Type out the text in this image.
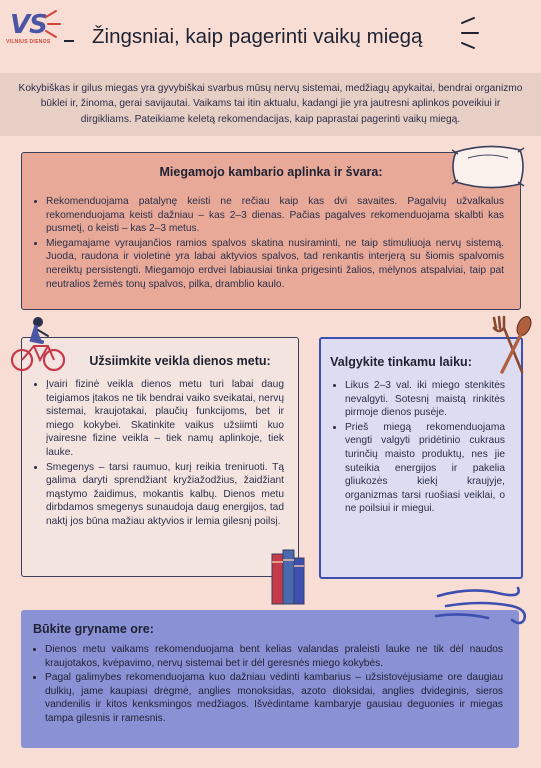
VS
VILNIUS DIENOS Žingsniai, kaip pagerinti vaikų miegą

Kokybiškas ir gilus miegas yra gyvybiškai svarbus mūsų nervų sistemai, medžiagų apykaitai, bendrai organizmo būklei ir, žinoma, gerai savijautai. Vaikams tai itin aktualu, kadangi jie yra jautresni aplinkos poveikiui ir dirgikliams. Pateikiame keletą rekomendacijas, kaip paprastai pagerinti vaikų miegą.

Miegamojo kambario aplinka ir švara:
• Rekomenduojama patalynę keisti ne rečiau kaip kas dvi savaites. Pagalvių užvalkalus rekomenduojama keisti dažniau – kas 2–3 dienas. Pačias pagalves rekomenduojama skalbti kas pusmetį, o keisti – kas 2–3 metus.
• Miegamajame vyraujančios ramios spalvos skatina nusiraminti, ne taip stimuliuoja nervų sistemą. Juoda, raudona ir violetinė yra labai aktyvios spalvos, tad renkantis interjerą su šiomis spalvomis nereiktų persistengti. Miegamojo erdvei labiausiai tinka prigesinti žalios, mėlynos atspalviai, taip pat neutralios žemės tonų spalvos, pilka, dramblio kaulo.
Užsiimkite veikla dienos metu:
• Įvairi fizinė veikla dienos metu turi labai daug teigiamos įtakos ne tik bendrai vaiko sveikatai, nervų sistemai, kraujotakai, plaučių funkcijoms, bet ir miego kokybei. Skatinkite vaikus užsiimti kuo įvairesne fizine veikla – tiek namų aplinkoje, tiek lauke.
• Smegenys – tarsi raumuo, kurį reikia treniruoti. Tą galima daryti sprendžiant kryžiažodžius, žaidžiant mąstymo žaidimus, mokantis kalbų. Dienos metu dirbdamos smegenys sunaudoja daug energijos, tad naktį jos būna mažiau aktyvios ir lemia gilesnį poilsį.
Valgykite tinkamu laiku:
• Likus 2–3 val. iki miego stenkitės nevalgyti. Sotesnį maistą rinkitės pirmoje dienos pusėje.
• Prieš miegą rekomenduojama vengti valgyti pridėtinio cukraus turinčių maisto produktų, nes jie suteikia energijos ir pakelia gliukozės kiekį kraujyje, organizmas tarsi ruošiasi veiklai, o ne poilsiui ir miegui.
Būkite gryname ore:
• Dienos metu vaikams rekomenduojama bent kelias valandas praleisti lauke ne tik dėl naudos kraujotakos, kvėpavimo, nervų sistemai bet ir dėl geresnės miego kokybės.
• Pagal galimybes rekomenduojama kuo dažniau vėdinti kambarius – užsistovėjusiame ore daugiau dulkių, jame kaupiasi drėgmė, anglies monoksidas, azoto dioksidai, anglies dvideginis, sieros vandenilis ir kitos kenksmingos medžiagos. Išvėdintame kambaryje gausiau deguonies ir miegas tampa gilesnis ir ramesnis.
